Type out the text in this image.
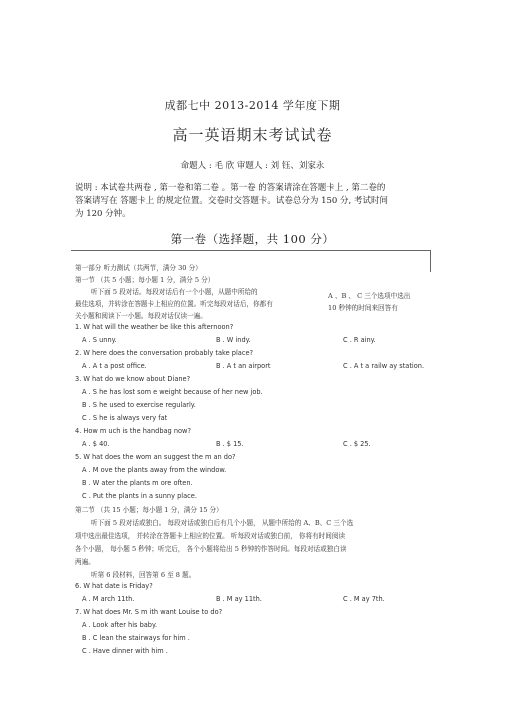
成都七中 2013-2014 学年度下期
高一英语期末考试试卷
命题人 : 毛 欣 审题人 : 刘 钰、刘家永
说明 : 本试卷共两卷 , 第一卷和第二卷 。第一卷 的答案请涂在答题卡上 , 第二卷的
答案请写在 答题卡上 的规定位置。交卷时交答题卡。试卷总分为 150 分, 考试时间
为 120 分钟。
第一卷（选择题，共 100 分）
第一部分 听力测试（共两节，满分 30 分）
第一节 （共 5 小题；每小题 1 分，满分 5 分）
听下面 5 段对话。每段对话后有一个小题，从题中所给的	A 、B 、 C 三个选项中选出
最佳选项，并转涂在答题卡上相应的位置。听完每段对话后，你都有	10 秒钟的时间来回答有
关小题和阅读下一小题。每段对话仅读一遍。
1. W hat will the weather be like this afternoon?
A . S unny.	B . W indy.	C . R ainy.
2. W here does the conversation probably take place?
A . A t a post office.	B . A t an airport	C . A t a railw ay station.
3. W hat do we know about Diane?
A . S he has lost som e weight because of her new job.
B . S he used to exercise regularly.
C . S he is always very fat
4. How m uch is the handbag now?
A . $ 40.	B . $ 15.	C . $ 25.
5. W hat does the wom an suggest the m an do?
A . M ove the plants away from the window.
B . W ater the plants m ore often.
C . Put the plants in a sunny place.
第二节 （共 15 小题；每小题 1 分，满分 15 分）
听下面 5 段对话或独白。 每段对话或独白后有几个小题， 从题中所给的 A、B、C 三个选
项中选出最佳选项， 并转涂在答题卡上相应的位置。 听每段对话或独白前， 你将有时间阅读
各个小题， 每小题 5 秒钟；听完后， 各个小题将给出 5 秒钟的作答时间。每段对话或独白读
两遍。
听第 6 段材料，回答第 6 至 8 题。
6. W hat date is Friday?
A . M arch 11th.	B . M ay 11th.	C . M ay 7th.
7. W hat does Mr. S m ith want Louise to do?
A . Look after his baby.
B . C lean the stairways for him .
C . Have dinner with him .
